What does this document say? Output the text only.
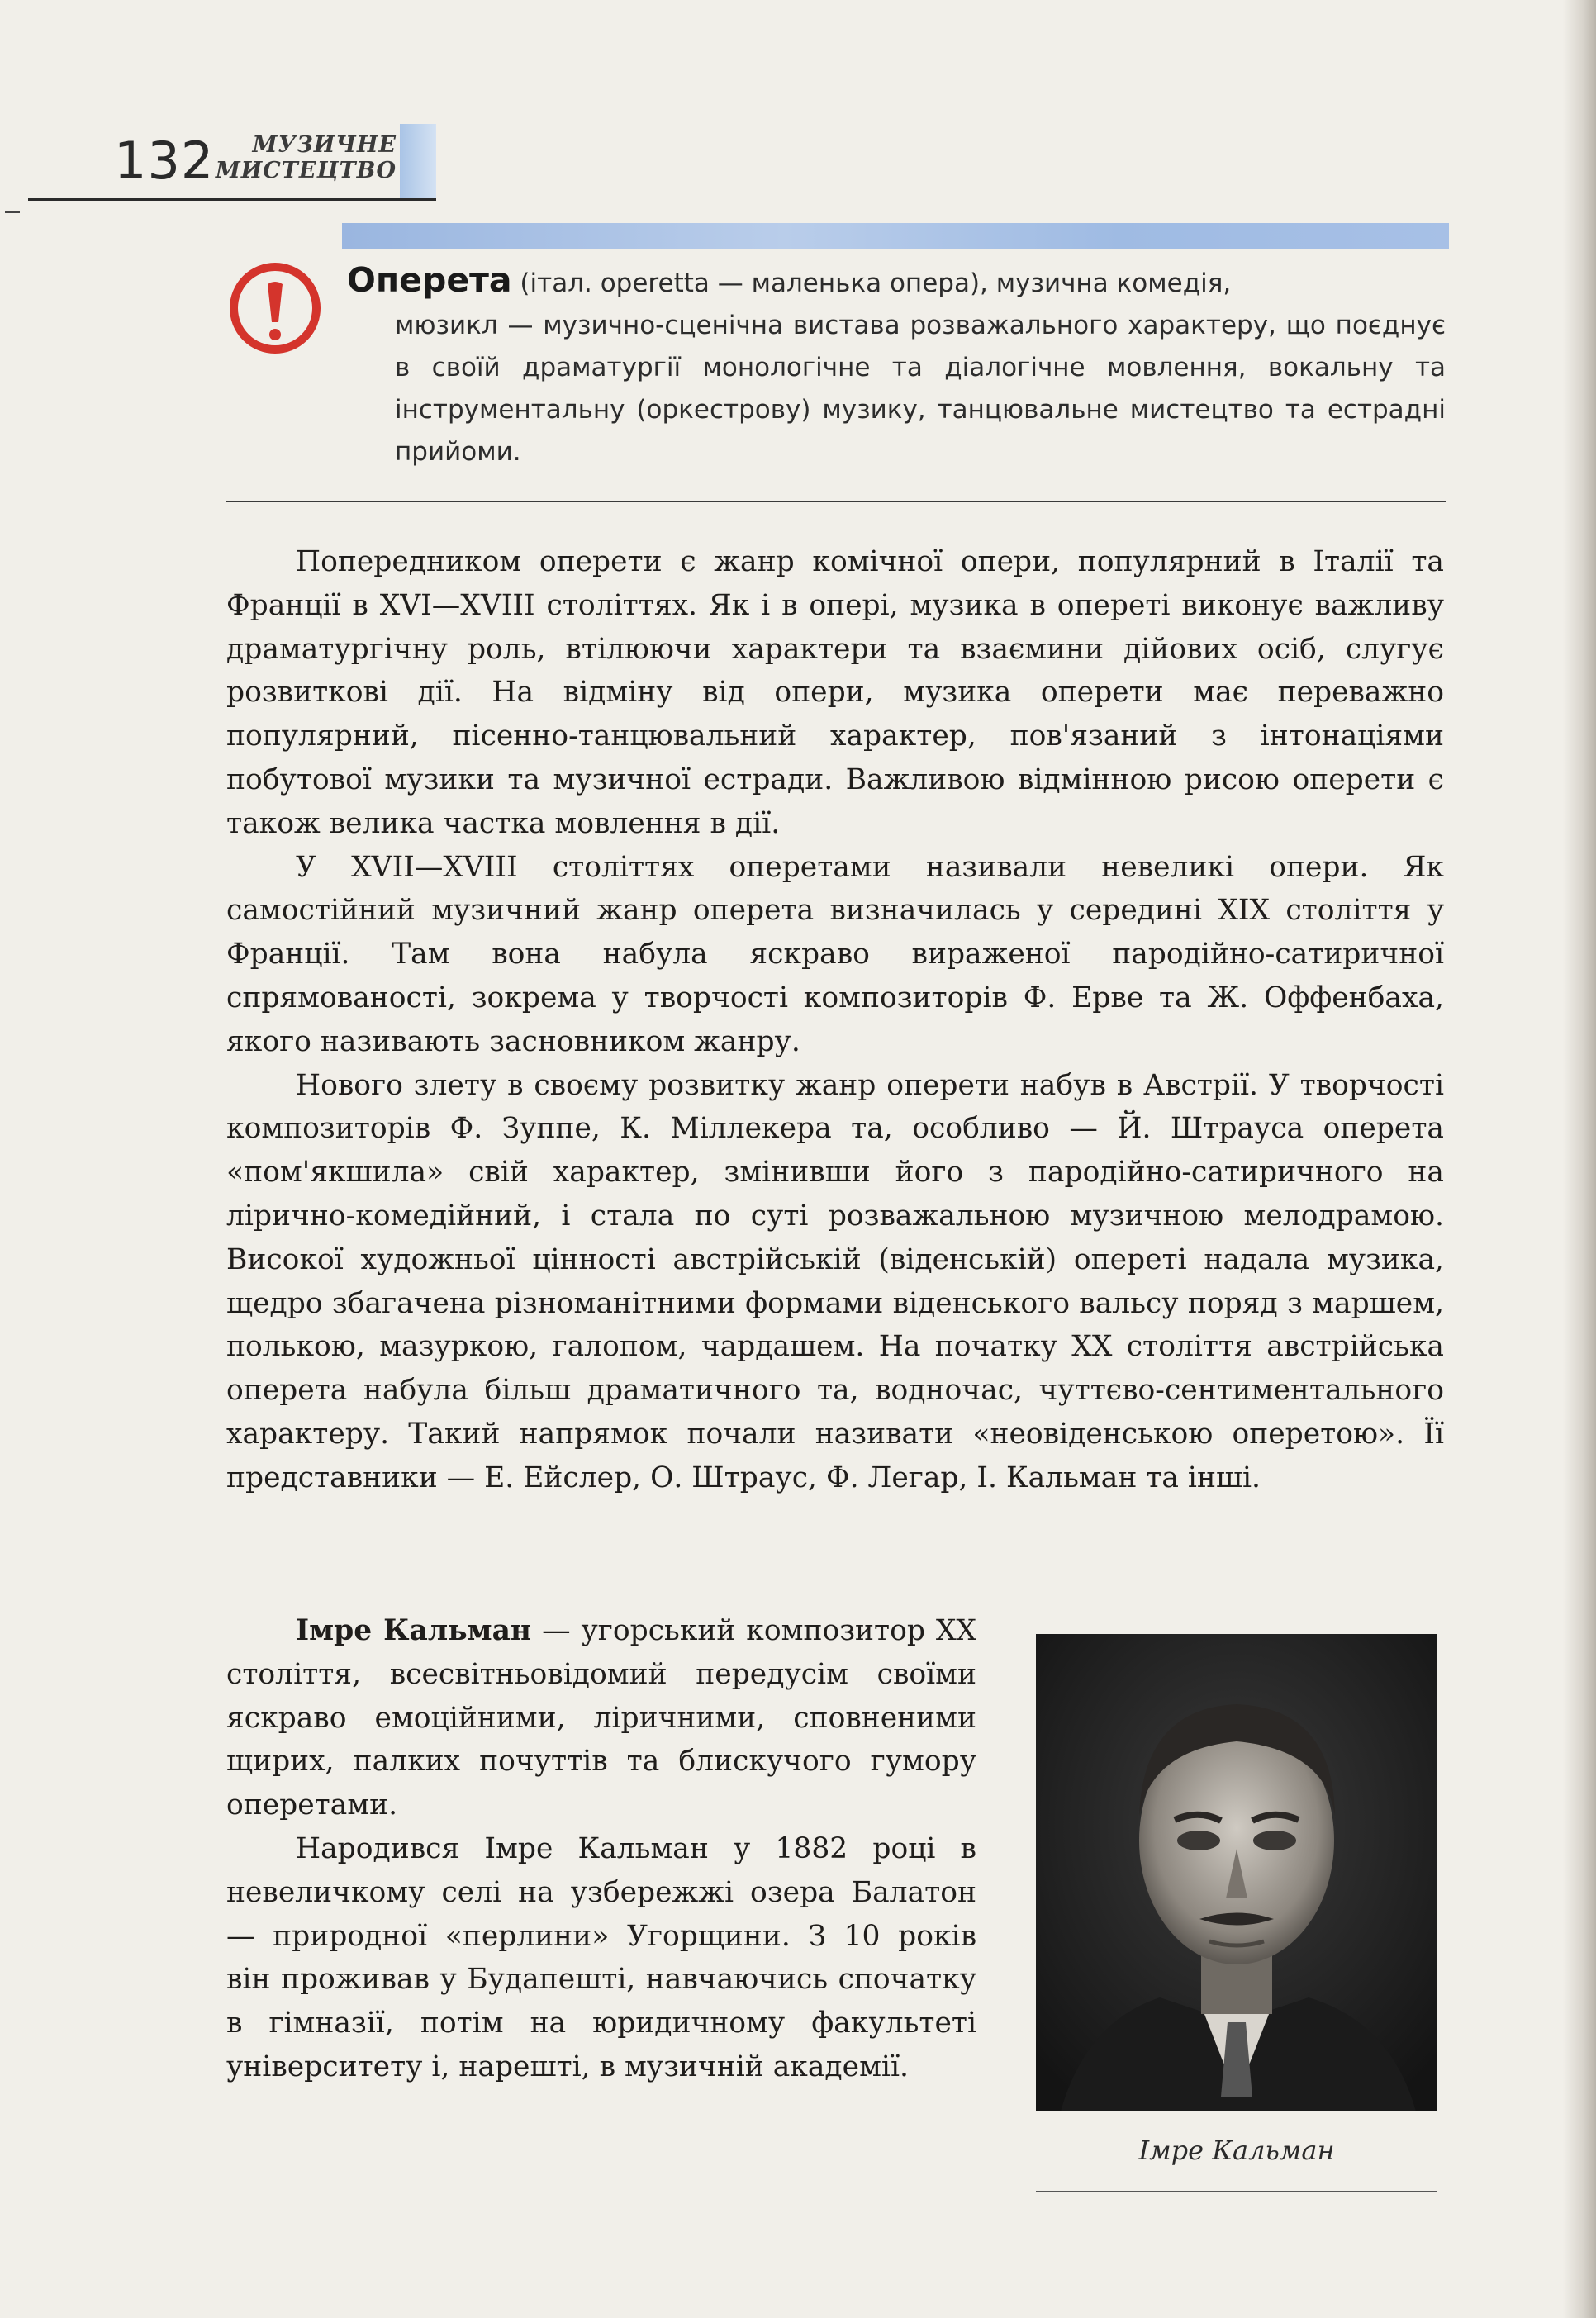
132	МУЗИЧНЕ
МИСТЕЦТВО

Оперета (італ. operetta — маленька опера), музична комедія,
мюзикл — музично-сценічна вистава розважального характеру, що поєднує в своїй драматургії монологічне та діалогічне мовлення, вокальну та інструментальну (оркестрову) музику, танцювальне мистецтво та естрадні прийоми.

Попередником оперети є жанр комічної опери, популярний в Італії та Франції в XVI—XVIII століттях. Як і в опері, музика в опереті виконує важливу драматургічну роль, втілюючи характери та взаємини дійових осіб, слугує розвиткові дії. На відміну від опери, музика оперети має переважно популярний, пісенно-танцювальний характер, пов'язаний з інтонаціями побутової музики та музичної естради. Важливою відмінною рисою оперети є також велика частка мовлення в дії.

У XVII—XVIII століттях оперетами називали невеликі опери. Як самостійний музичний жанр оперета визначилась у середині XIX століття у Франції. Там вона набула яскраво вираженої пародійно-сатиричної спрямованості, зокрема у творчості композиторів Ф. Ерве та Ж. Оффенбаха, якого називають засновником жанру.

Нового злету в своєму розвитку жанр оперети набув в Австрії. У творчості композиторів Ф. Зуппе, К. Міллекера та, особливо — Й. Штрауса оперета «пом'якшила» свій характер, змінивши його з пародійно-сатиричного на лірично-комедійний, і стала по суті розважальною музичною мелодрамою. Високої художньої цінності австрійській (віденській) опереті надала музика, щедро збагачена різноманітними формами віденського вальсу поряд з маршем, полькою, мазуркою, галопом, чардашем. На початку XX століття австрійська оперета набула більш драматичного та, водночас, чуттєво-сентиментального характеру. Такий напрямок почали називати «неовіденською оперетою». Її представники — Е. Ейслер, О. Штраус, Ф. Легар, І. Кальман та інші.

Імре Кальман — угорський композитор XX століття, всесвітньовідомий передусім своїми яскраво емоційними, ліричними, сповненими щирих, палких почуттів та блискучого гумору оперетами.

Народився Імре Кальман у 1882 році в невеличкому селі на узбережжі озера Балатон — природної «перлини» Угорщини. З 10 років він проживав у Будапешті, навчаючись спочатку в гімназії, потім на юридичному факультеті університету і, нарешті, в музичній академії.

Імре Кальман
